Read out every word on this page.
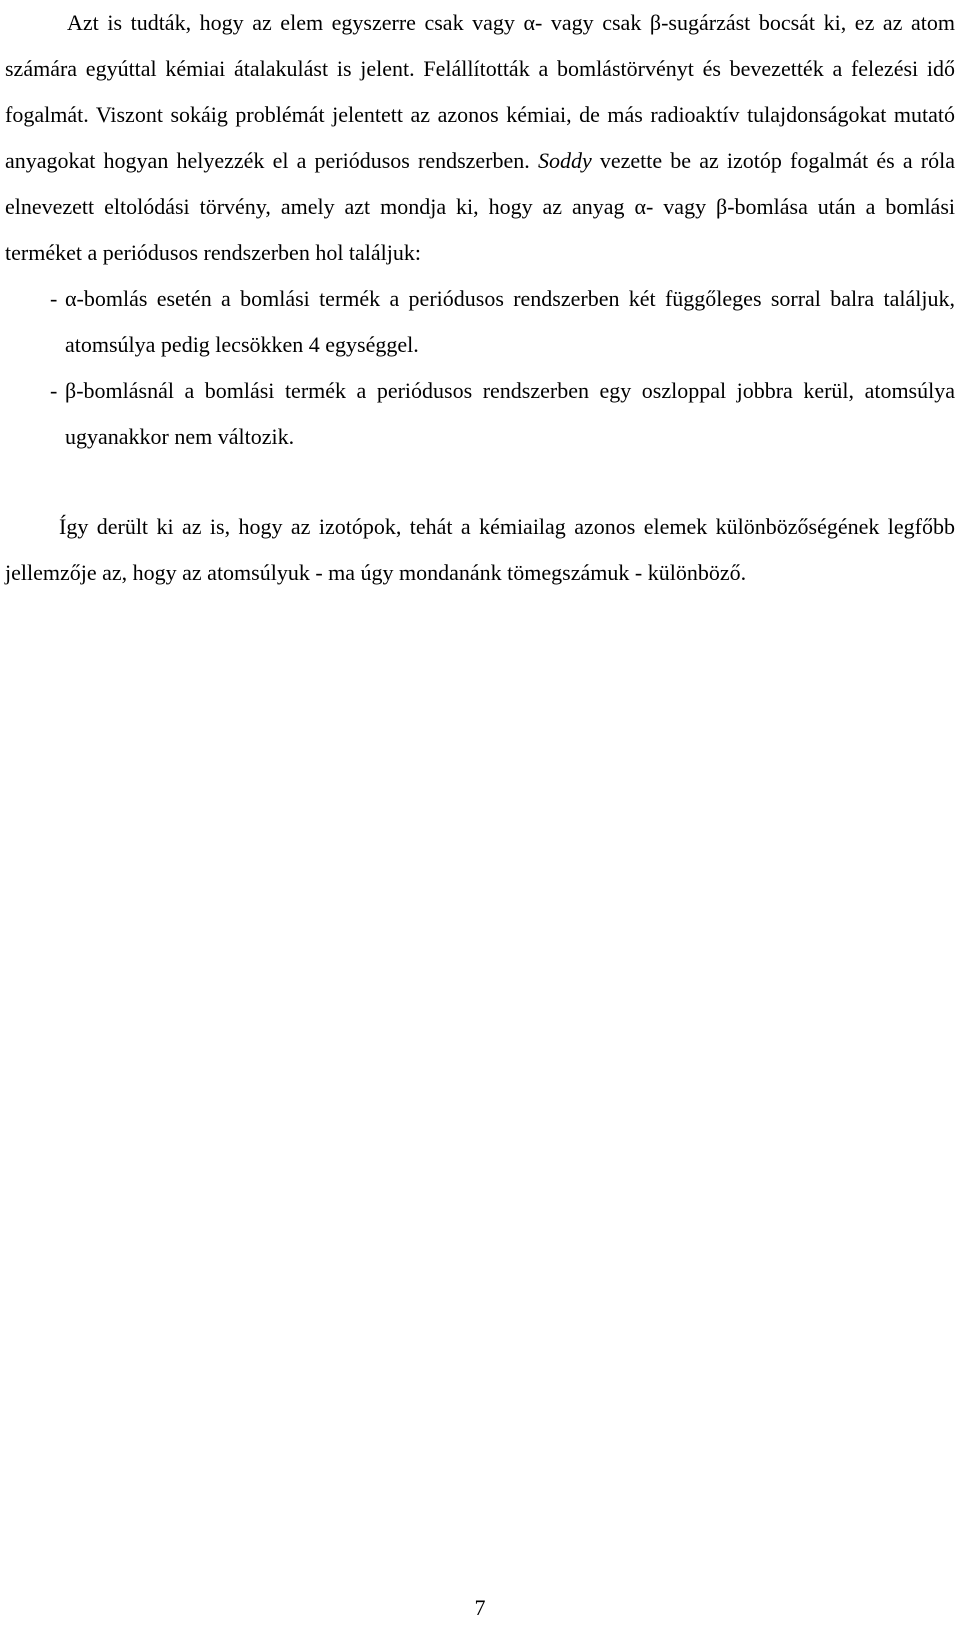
Azt is tudták, hogy az elem egyszerre csak vagy α- vagy csak β-sugárzást bocsát ki, ez az atom számára egyúttal kémiai átalakulást is jelent. Felállították a bomlástörvényt és bevezették a felezési idő fogalmát. Viszont sokáig problémát jelentett az azonos kémiai, de más radioaktív tulajdonságokat mutató anyagokat hogyan helyezzék el a periódusos rendszerben. Soddy vezette be az izotóp fogalmát és a róla elnevezett eltolódási törvény, amely azt mondja ki, hogy az anyag α- vagy β-bomlása után a bomlási terméket a periódusos rendszerben hol találjuk:

- α-bomlás esetén a bomlási termék a periódusos rendszerben két függőleges sorral balra találjuk, atomsúlya pedig lecsökken 4 egységgel.
- β-bomlásnál a bomlási termék a periódusos rendszerben egy oszloppal jobbra kerül, atomsúlya ugyanakkor nem változik.

Így derült ki az is, hogy az izotópok, tehát a kémiailag azonos elemek különbözőségének legfőbb jellemzője az, hogy az atomsúlyuk - ma úgy mondanánk tömegszámuk - különböző.

7
